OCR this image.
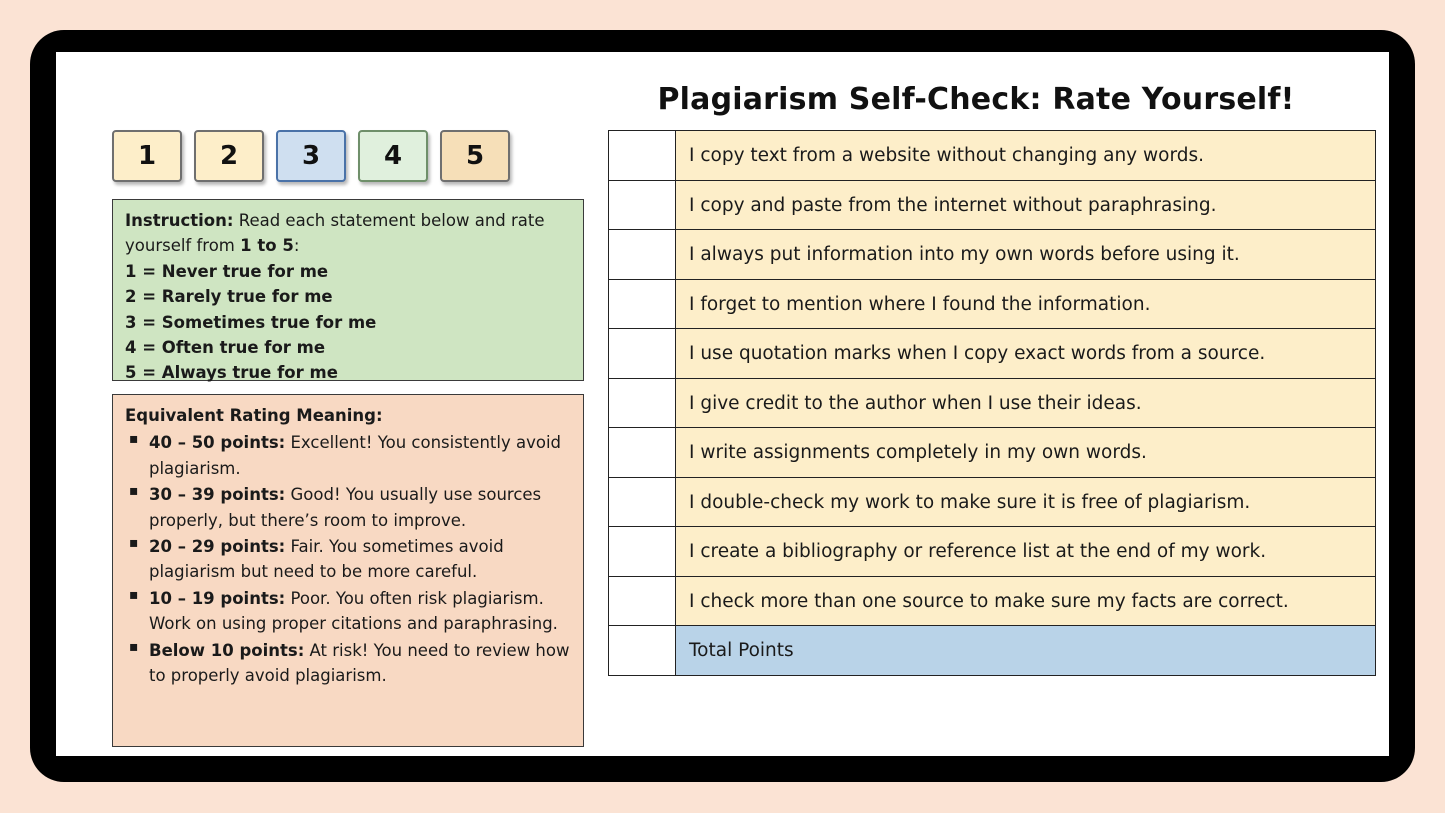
Plagiarism Self-Check: Rate Yourself!
1	2	3	4	5
Instruction: Read each statement below and rate yourself from 1 to 5:
1 = Never true for me
2 = Rarely true for me
3 = Sometimes true for me
4 = Often true for me
5 = Always true for me
Equivalent Rating Meaning:
▪ 40 – 50 points: Excellent! You consistently avoid plagiarism.
▪ 30 – 39 points: Good! You usually use sources properly, but there’s room to improve.
▪ 20 – 29 points: Fair. You sometimes avoid plagiarism but need to be more careful.
▪ 10 – 19 points: Poor. You often risk plagiarism. Work on using proper citations and paraphrasing.
▪ Below 10 points: At risk! You need to review how to properly avoid plagiarism.
I copy text from a website without changing any words.
I copy and paste from the internet without paraphrasing.
I always put information into my own words before using it.
I forget to mention where I found the information.
I use quotation marks when I copy exact words from a source.
I give credit to the author when I use their ideas.
I write assignments completely in my own words.
I double-check my work to make sure it is free of plagiarism.
I create a bibliography or reference list at the end of my work.
I check more than one source to make sure my facts are correct.
Total Points
